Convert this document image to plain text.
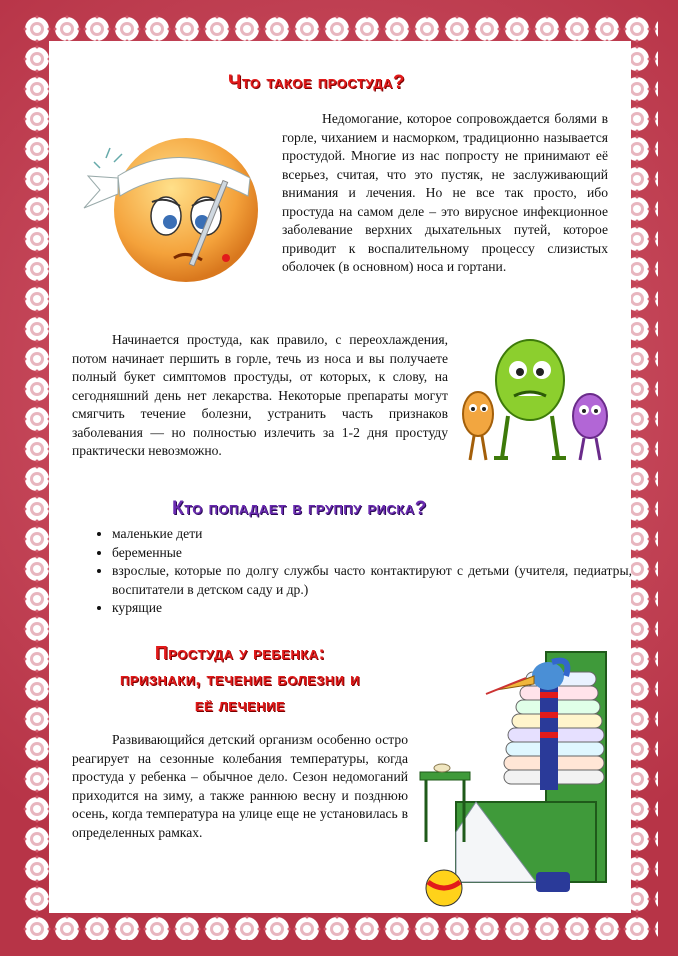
Что такое простуда?

Недомогание, которое сопровождается болями в горле, чиханием и насморком, традиционно называется простудой. Многие из нас попросту не принимают её всерьез, считая, что это пустяк, не заслуживающий внимания и лечения. Но не все так просто, ибо простуда на самом деле – это вирусное инфекционное заболевание верхних дыхательных путей, которое приводит к воспалительному процессу слизистых оболочек (в основном) носа и гортани.

Начинается простуда, как правило, с переохлаждения, потом начинает першить в горле, течь из носа и вы получаете полный букет симптомов простуды, от которых, к слову, на сегодняшний день нет лекарства. Некоторые препараты могут смягчить течение болезни, устранить часть признаков заболевания — но полностью излечить за 1-2 дня простуду практически невозможно.

Кто попадает в группу риска?
• маленькие дети
• беременные
• взрослые, которые по долгу службы часто контактируют с детьми (учителя, педиатры, воспитатели в детском саду и др.)
• курящие
Простуда у ребенка:
признаки, течение болезни и
её лечение

Развивающийся детский организм особенно остро реагирует на сезонные колебания температуры, когда простуда у ребенка – обычное дело. Сезон недомоганий приходится на зиму, а также раннюю весну и позднюю осень, когда температура на улице еще не установилась в определенных рамках.
